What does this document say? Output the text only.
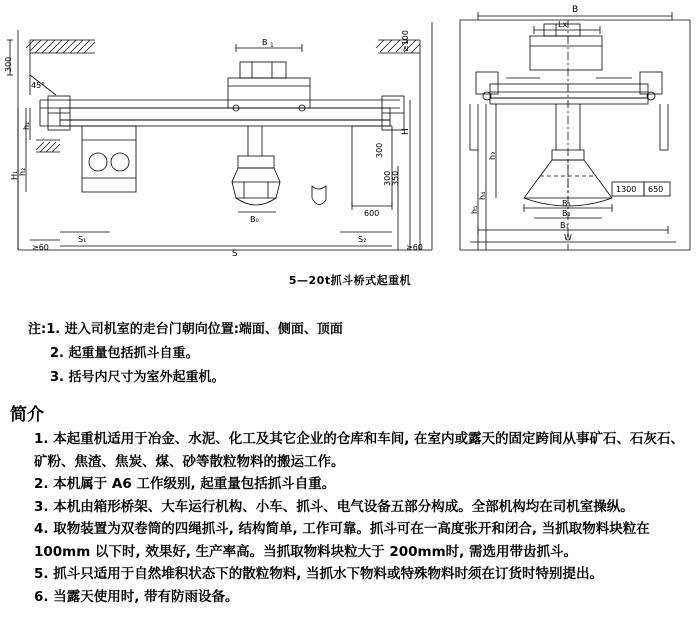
45°
300
B 1	≥100
H
350
300
300
600
h₁
h₂
H₁
≥60	≥60
S₁
S
S₂
B₀
B
Lx
h₃
h₄
h₅
B₃
B₂
B₁
W
1300 650
5—20t抓斗桥式起重机
注:1. 进入司机室的走台门朝向位置:端面、侧面、顶面
2. 起重量包括抓斗自重。
3. 括号内尺寸为室外起重机。
简介

1. 本起重机适用于冶金、水泥、化工及其它企业的仓库和车间, 在室内或露天的固定跨间从事矿石、石灰石、矿粉、焦渣、焦炭、煤、砂等散粒物料的搬运工作。

2. 本机属于 A6 工作级别, 起重量包括抓斗自重。

3. 本机由箱形桥架、大车运行机构、小车、抓斗、电气设备五部分构成。全部机构均在司机室操纵。

4. 取物装置为双卷筒的四绳抓斗, 结构简单, 工作可靠。抓斗可在一高度张开和闭合, 当抓取物料块粒在 100mm 以下时, 效果好, 生产率高。当抓取物料块粒大于 200mm时, 需选用带齿抓斗。

5. 抓斗只适用于自然堆积状态下的散粒物料, 当抓水下物料或特殊物料时须在订货时特别提出。

6. 当露天使用时, 带有防雨设备。
